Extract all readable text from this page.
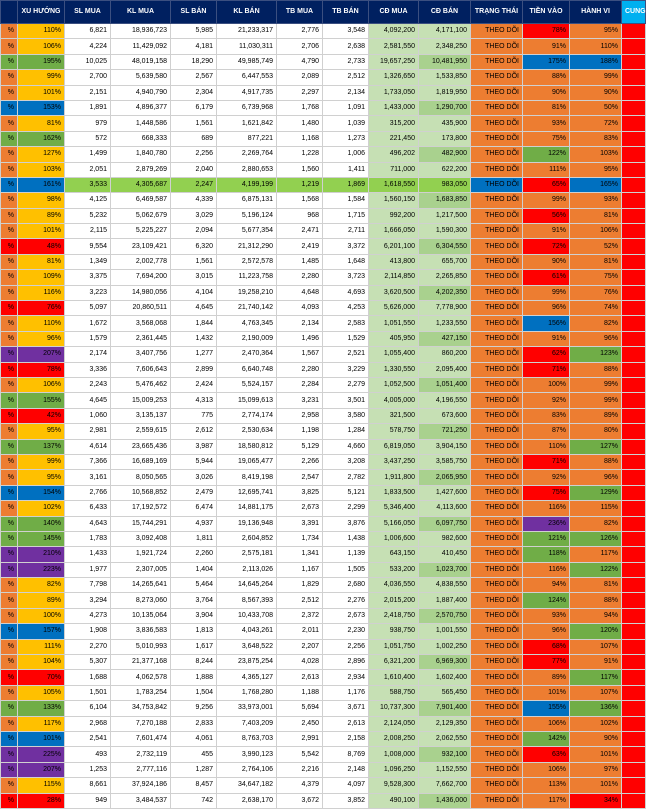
	XU HƯỚNG	SL MUA	KL MUA	SL BÁN	KL BÁN	TB MUA	TB BÁN	CĐ MUA	CĐ BÁN	TRẠNG THÁI	TIỀN VÀO	HÀNH VI	CUNG
%	110%	6,821	18,936,723	5,985	21,233,317	2,776	3,548	4,092,200	4,171,100	THEO DÕI	78%	95%	
%	106%	4,224	11,429,092	4,181	11,030,311	2,706	2,638	2,581,550	2,348,250	THEO DÕI	91%	110%	
%	195%	10,025	48,019,158	18,290	49,985,749	4,790	2,733	19,657,250	10,481,950	THEO DÕI	175%	188%	
%	99%	2,700	5,639,580	2,567	6,447,553	2,089	2,512	1,326,650	1,533,850	THEO DÕI	88%	99%	
%	101%	2,151	4,940,790	2,304	4,917,735	2,297	2,134	1,733,050	1,819,950	THEO DÕI	90%	90%	
%	153%	1,891	4,896,377	6,179	6,739,968	1,768	1,091	1,433,000	1,290,700	THEO DÕI	81%	50%	
%	81%	979	1,448,586	1,561	1,621,842	1,480	1,039	315,200	435,900	THEO DÕI	93%	72%	
%	162%	572	668,333	689	877,221	1,168	1,273	221,450	173,800	THEO DÕI	75%	83%	
%	127%	1,499	1,840,780	2,256	2,269,764	1,228	1,006	496,202	482,900	THEO DÕI	122%	103%	
%	103%	2,051	2,879,269	2,040	2,880,653	1,560	1,411	711,000	622,200	THEO DÕI	111%	95%	
%	161%	3,533	4,305,687	2,247	4,199,199	1,219	1,869	1,618,550	983,050	THEO DÕI	65%	165%	
%	98%	4,125	6,469,587	4,339	6,875,131	1,568	1,584	1,560,150	1,683,850	THEO DÕI	99%	93%	
%	89%	5,232	5,062,679	3,029	5,196,124	968	1,715	992,200	1,217,500	THEO DÕI	56%	81%	
%	101%	2,115	5,225,227	2,094	5,677,354	2,471	2,711	1,666,050	1,590,300	THEO DÕI	91%	106%	
%	48%	9,554	23,109,421	6,320	21,312,290	2,419	3,372	6,201,100	6,304,550	THEO DÕI	72%	52%	
%	81%	1,349	2,002,778	1,561	2,572,578	1,485	1,648	413,800	655,700	THEO DÕI	90%	81%	
%	109%	3,375	7,694,200	3,015	11,223,758	2,280	3,723	2,114,850	2,265,850	THEO DÕI	61%	75%	
%	116%	3,223	14,980,056	4,104	19,258,210	4,648	4,693	3,620,500	4,202,350	THEO DÕI	99%	76%	
%	76%	5,097	20,860,511	4,645	21,740,142	4,093	4,253	5,626,000	7,778,900	THEO DÕI	96%	74%	
%	110%	1,672	3,568,068	1,844	4,763,345	2,134	2,583	1,051,550	1,233,550	THEO DÕI	156%	82%	
%	96%	1,579	2,361,445	1,432	2,190,009	1,496	1,529	405,950	427,150	THEO DÕI	91%	96%	
%	207%	2,174	3,407,756	1,277	2,470,364	1,567	2,521	1,055,400	860,200	THEO DÕI	62%	123%	
%	78%	3,336	7,606,643	2,899	6,640,748	2,280	3,229	1,330,550	2,095,400	THEO DÕI	71%	88%	
%	106%	2,243	5,476,462	2,424	5,524,157	2,284	2,279	1,052,500	1,051,400	THEO DÕI	100%	99%	
%	155%	4,645	15,009,253	4,313	15,099,613	3,231	3,501	4,005,000	4,196,550	THEO DÕI	92%	99%	
%	42%	1,060	3,135,137	775	2,774,174	2,958	3,580	321,500	673,600	THEO DÕI	83%	89%	
%	95%	2,981	2,559,615	2,612	2,530,634	1,198	1,284	578,750	721,250	THEO DÕI	87%	80%	
%	137%	4,614	23,665,436	3,987	18,580,812	5,129	4,660	6,819,050	3,904,150	THEO DÕI	110%	127%	
%	99%	7,366	16,689,169	5,944	19,065,477	2,266	3,208	3,437,250	3,585,750	THEO DÕI	71%	88%	
%	95%	3,161	8,050,565	3,026	8,419,198	2,547	2,782	1,911,800	2,065,950	THEO DÕI	92%	96%	
%	154%	2,766	10,568,852	2,479	12,695,741	3,825	5,121	1,833,500	1,427,600	THEO DÕI	75%	129%	
%	102%	6,433	17,192,572	6,474	14,881,175	2,673	2,299	5,346,400	4,113,600	THEO DÕI	116%	115%	
%	140%	4,643	15,744,291	4,937	19,136,948	3,391	3,876	5,166,050	6,097,750	THEO DÕI	236%	82%	
%	145%	1,783	3,092,408	1,811	2,604,852	1,734	1,438	1,006,600	982,600	THEO DÕI	121%	126%	
%	210%	1,433	1,921,724	2,260	2,575,181	1,341	1,139	643,150	410,450	THEO DÕI	118%	117%	
%	223%	1,977	2,307,005	1,404	2,113,026	1,167	1,505	533,200	1,023,700	THEO DÕI	116%	122%	
%	82%	7,798	14,265,641	5,464	14,645,264	1,829	2,680	4,036,550	4,838,550	THEO DÕI	94%	81%	
%	89%	3,294	8,273,060	3,764	8,567,393	2,512	2,276	2,015,200	1,887,400	THEO DÕI	124%	88%	
%	100%	4,273	10,135,064	3,904	10,433,708	2,372	2,673	2,418,750	2,570,750	THEO DÕI	93%	94%	
%	157%	1,908	3,836,583	1,813	4,043,261	2,011	2,230	938,750	1,001,550	THEO DÕI	96%	120%	
%	111%	2,270	5,010,993	1,617	3,648,522	2,207	2,256	1,051,750	1,002,250	THEO DÕI	68%	107%	
%	104%	5,307	21,377,168	8,244	23,875,254	4,028	2,896	6,321,200	6,969,300	THEO DÕI	77%	91%	
%	70%	1,688	4,062,578	1,888	4,365,127	2,613	2,934	1,610,400	1,602,400	THEO DÕI	89%	117%	
%	105%	1,501	1,783,254	1,504	1,768,280	1,188	1,176	588,750	565,450	THEO DÕI	101%	107%	
%	133%	6,104	34,753,842	9,256	33,973,001	5,694	3,671	10,737,300	7,901,400	THEO DÕI	155%	136%	
%	117%	2,968	7,270,188	2,833	7,403,209	2,450	2,613	2,124,050	2,129,350	THEO DÕI	106%	102%	
%	101%	2,541	7,601,474	4,061	8,763,703	2,991	2,158	2,008,250	2,062,550	THEO DÕI	142%	90%	
%	225%	493	2,732,119	455	3,990,123	5,542	8,769	1,008,000	932,100	THEO DÕI	63%	101%	
%	207%	1,253	2,777,116	1,287	2,764,106	2,216	2,148	1,096,250	1,152,550	THEO DÕI	106%	97%	
%	115%	8,661	37,924,186	8,457	34,647,182	4,379	4,097	9,528,300	7,662,700	THEO DÕI	113%	101%	
%	28%	949	3,484,537	742	2,638,170	3,672	3,852	490,100	1,436,000	THEO DÕI	117%	34%	
